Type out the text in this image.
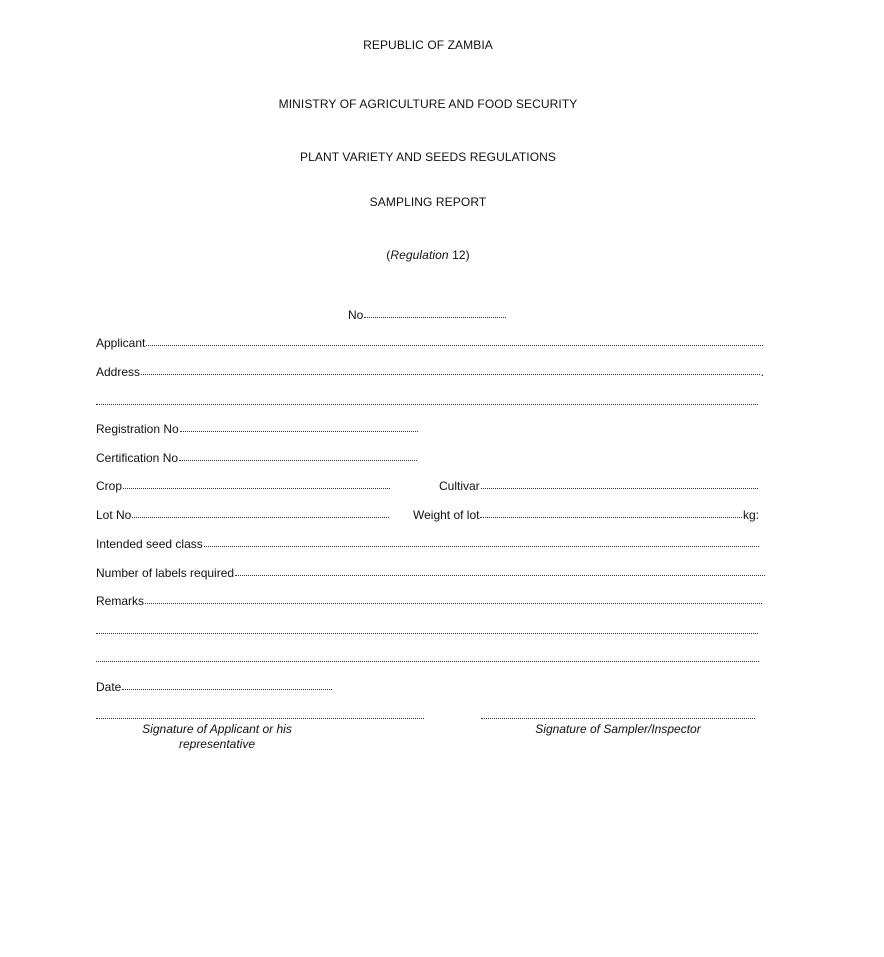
REPUBLIC OF ZAMBIA
MINISTRY OF AGRICULTURE AND FOOD SECURITY
PLANT VARIETY AND SEEDS REGULATIONS
SAMPLING REPORT
(Regulation 12)
No
Applicant
Address	.
Registration No
Certification No
Crop	Cultivar
Lot No	Weight of lot	kg:
Intended seed class
Number of labels required
Remarks
Date
Signature of Applicant or his
representative
Signature of Sampler/Inspector
